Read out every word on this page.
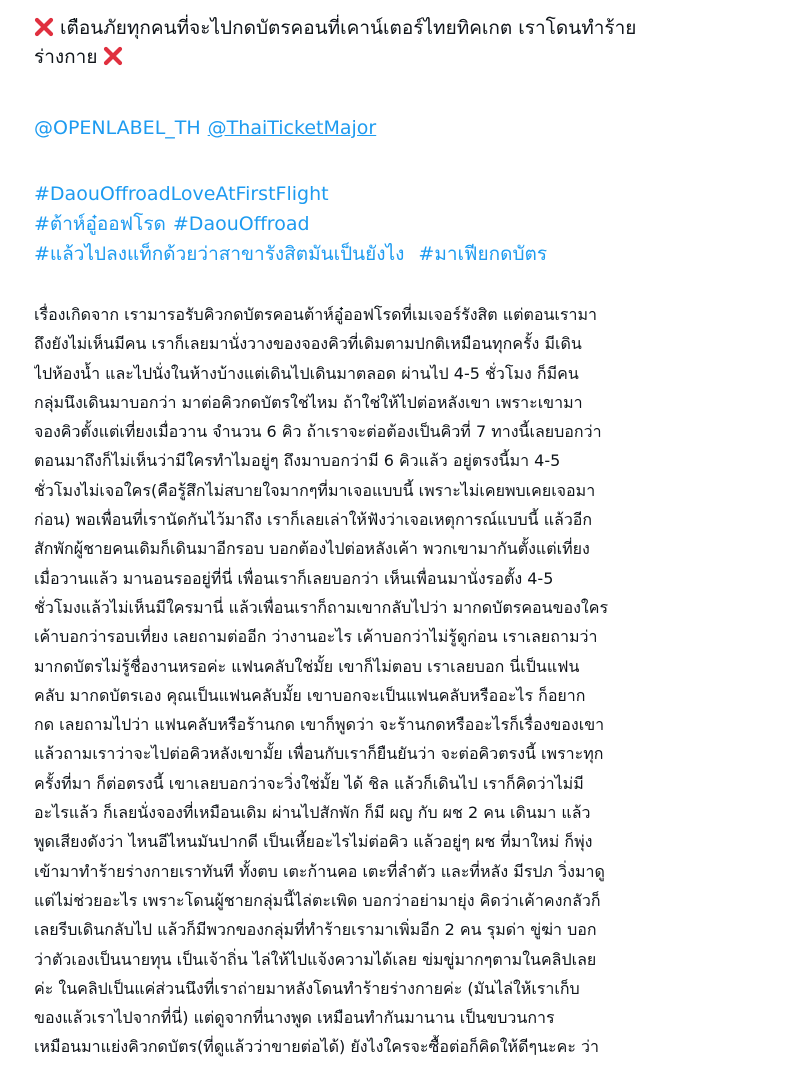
เตือนภัยทุกคนที่จะไปกดบัตรคอนที่เคาน์เตอร์ไทยทิคเกต เราโดนทำร้าย
ร่างกาย
@OPENLABEL_TH @ThaiTicketMajor
#DaouOffroadLoveAtFirstFlight
#ต้าห์อู๋ออฟโรด #DaouOffroad
#แล้วไปลงแท็กด้วยว่าสาขารังสิตมันเป็นยังไง #มาเฟียกดบัตร
เรื่องเกิดจาก เรามารอรับคิวกดบัตรคอนต้าห์อู๋ออฟโรดที่เมเจอร์รังสิต แต่ตอนเรามา
ถึงยังไม่เห็นมีคน เราก็เลยมานั่งวางของจองคิวที่เดิมตามปกติเหมือนทุกครั้ง มีเดิน
ไปห้องน้ำ และไปนั่งในห้างบ้างแต่เดินไปเดินมาตลอด ผ่านไป 4-5 ชั่วโมง ก็มีคน
กลุ่มนึงเดินมาบอกว่า มาต่อคิวกดบัตรใช่ไหม ถ้าใช่ให้ไปต่อหลังเขา เพราะเขามา
จองคิวตั้งแต่เที่ยงเมื่อวาน จำนวน 6 คิว ถ้าเราจะต่อต้องเป็นคิวที่ 7 ทางนี้เลยบอกว่า
ตอนมาถึงก็ไม่เห็นว่ามีใครทำไมอยู่ๆ ถึงมาบอกว่ามี 6 คิวแล้ว อยู่ตรงนี้มา 4-5
ชั่วโมงไม่เจอใคร(คือรู้สึกไม่สบายใจมากๆที่มาเจอแบบนี้ เพราะไม่เคยพบเคยเจอมา
ก่อน) พอเพื่อนที่เรานัดกันไว้มาถึง เราก็เลยเล่าให้ฟังว่าเจอเหตุการณ์แบบนี้ แล้วอีก
สักพักผู้ชายคนเดิมก็เดินมาอีกรอบ บอกต้องไปต่อหลังเค้า พวกเขามากันตั้งแต่เที่ยง
เมื่อวานแล้ว มานอนรออยู่ที่นี่ เพื่อนเราก็เลยบอกว่า เห็นเพื่อนมานั่งรอตั้ง 4-5
ชั่วโมงแล้วไม่เห็นมีใครมานี่ แล้วเพื่อนเราก็ถามเขากลับไปว่า มากดบัตรคอนของใคร
เค้าบอกว่ารอบเที่ยง เลยถามต่ออีก ว่างานอะไร เค้าบอกว่าไม่รู้ดูก่อน เราเลยถามว่า
มากดบัตรไม่รู้ชื่องานหรอค่ะ แฟนคลับใช่มั้ย เขาก็ไม่ตอบ เราเลยบอก นี่เป็นแฟน
คลับ มากดบัตรเอง คุณเป็นแฟนคลับมั้ย เขาบอกจะเป็นแฟนคลับหรืออะไร ก็อยาก
กด เลยถามไปว่า แฟนคลับหรือร้านกด เขาก็พูดว่า จะร้านกดหรืออะไรก็เรื่องของเขา
แล้วถามเราว่าจะไปต่อคิวหลังเขามั้ย เพื่อนกับเราก็ยืนยันว่า จะต่อคิวตรงนี้ เพราะทุก
ครั้งที่มา ก็ต่อตรงนี้ เขาเลยบอกว่าจะวิ่งใช่มั้ย ได้ ชิล แล้วก็เดินไป เราก็คิดว่าไม่มี
อะไรแล้ว ก็เลยนั่งจองที่เหมือนเดิม ผ่านไปสักพัก ก็มี ผญ กับ ผช 2 คน เดินมา แล้ว
พูดเสียงดังว่า ไหนอีไหนมันปากดี เป็นเหี้ยอะไรไม่ต่อคิว แล้วอยู่ๆ ผช ที่มาใหม่ ก็พุ่ง
เข้ามาทำร้ายร่างกายเราทันที ทั้งตบ เตะก้านคอ เตะที่ลำตัว และที่หลัง มีรปภ วิ่งมาดู
แต่ไม่ช่วยอะไร เพราะโดนผู้ชายกลุ่มนี้ไล่ตะเพิด บอกว่าอย่ามายุ่ง คิดว่าเค้าคงกลัวก็
เลยรีบเดินกลับไป แล้วก็มีพวกของกลุ่มที่ทำร้ายเรามาเพิ่มอีก 2 คน รุมด่า ขู่ฆ่า บอก
ว่าตัวเองเป็นนายทุน เป็นเจ้าถิ่น ไล่ให้ไปแจ้งความได้เลย ข่มขู่มากๆตามในคลิปเลย
ค่ะ ในคลิปเป็นแค่ส่วนนึงที่เราถ่ายมาหลังโดนทำร้ายร่างกายค่ะ (มันไล่ให้เราเก็บ
ของแล้วเราไปจากที่นี่) แต่ดูจากที่นางพูด เหมือนทำกันมานาน เป็นขบวนการ
เหมือนมาแย่งคิวกดบัตร(ที่ดูแล้วว่าขายต่อได้) ยังไงใครจะซื้อต่อก็คิดให้ดีๆนะคะ ว่า
